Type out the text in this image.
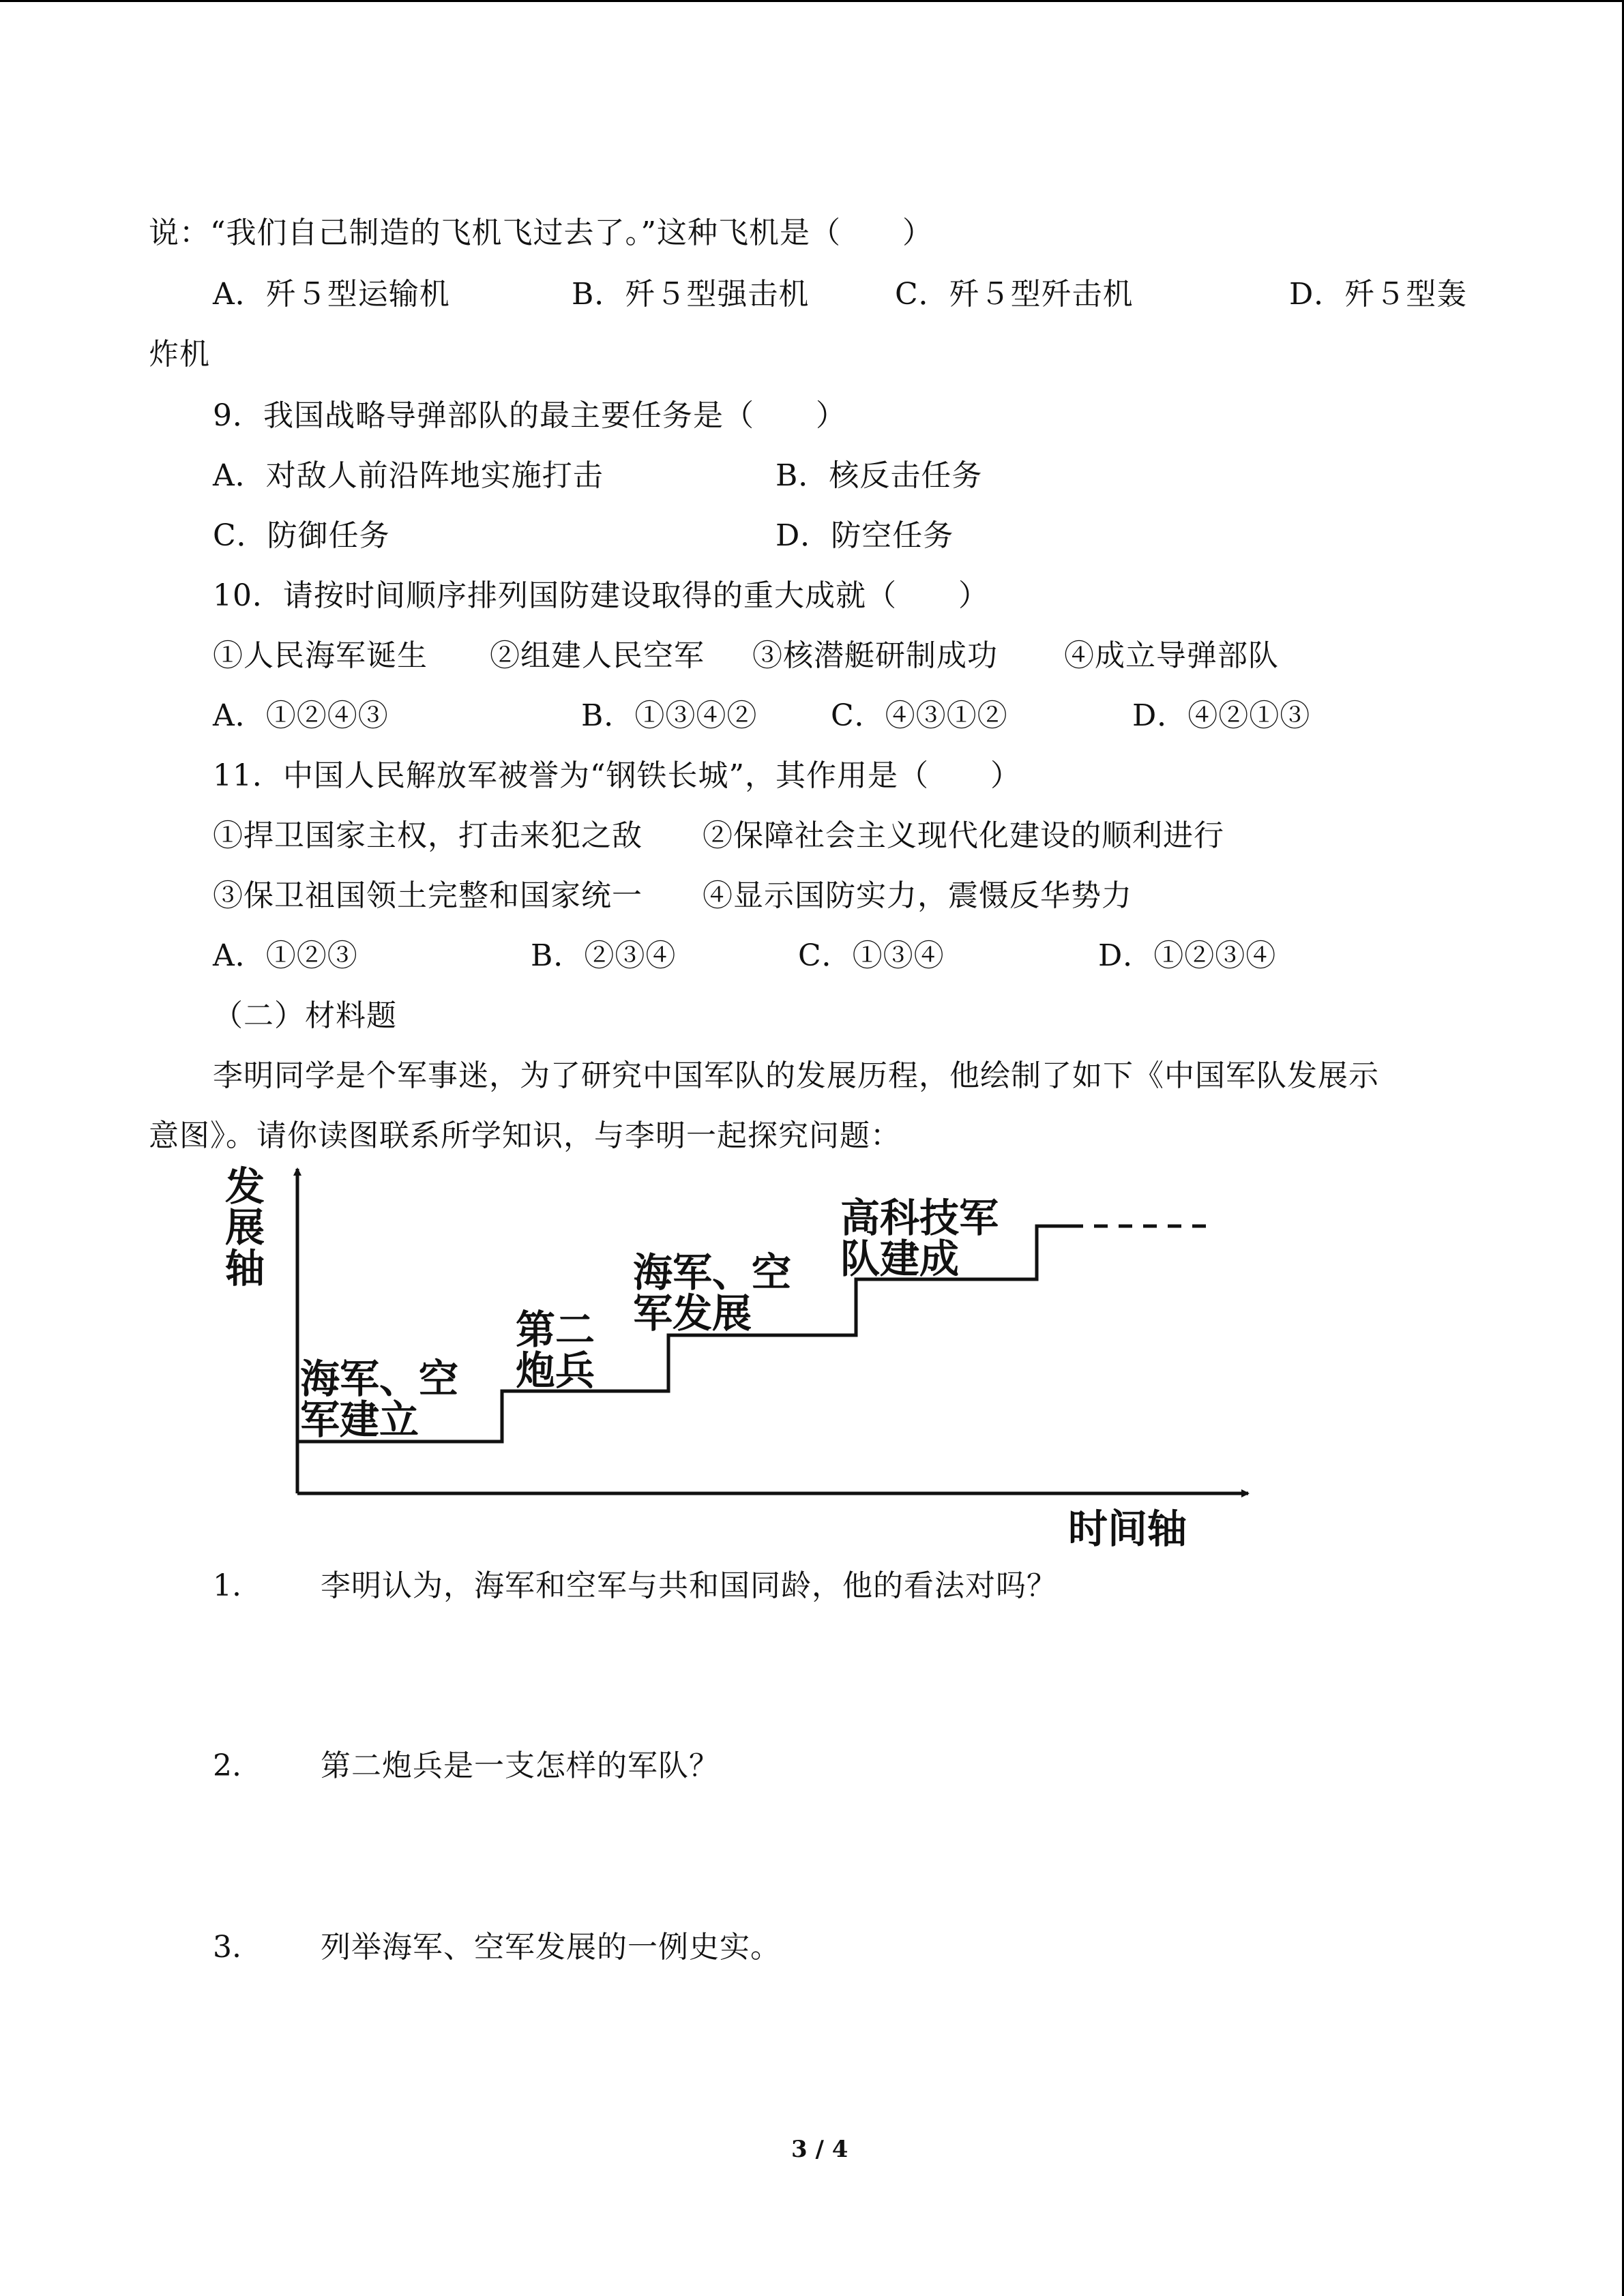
说：“我们自己制造的飞机飞过去了。”这种飞机是（　　）
A．歼５型运输机	B．歼５型强击机	C．歼５型歼击机	D．歼５型轰
炸机
9．我国战略导弹部队的最主要任务是（　　）
A．对敌人前沿阵地实施打击	B．核反击任务
C．防御任务	D．防空任务
10．请按时间顺序排列国防建设取得的重大成就（　　）
①人民海军诞生 ②组建人民空军 ③核潜艇研制成功 ④成立导弹部队
A．①②④③	B．①③④② C．④③①②	D．④②①③
11．中国人民解放军被誉为“钢铁长城”，其作用是（　　）
①捍卫国家主权，打击来犯之敌 ②保障社会主义现代化建设的顺利进行
③保卫祖国领土完整和国家统一 ④显示国防实力，震慑反华势力
A．①②③	B．②③④	C．①③④	D．①②③④
（二）材料题
李明同学是个军事迷，为了研究中国军队的发展历程，他绘制了如下《中国军队发展示
意图》。请你读图联系所学知识，与李明一起探究问题：
发
展
轴
海军、空
军建立
第二
炮兵
海军、空
军发展
高科技军
队建成
时间轴
1.	李明认为，海军和空军与共和国同龄，他的看法对吗？
2.	第二炮兵是一支怎样的军队？
3.	列举海军、空军发展的一例史实。
3 / 4
